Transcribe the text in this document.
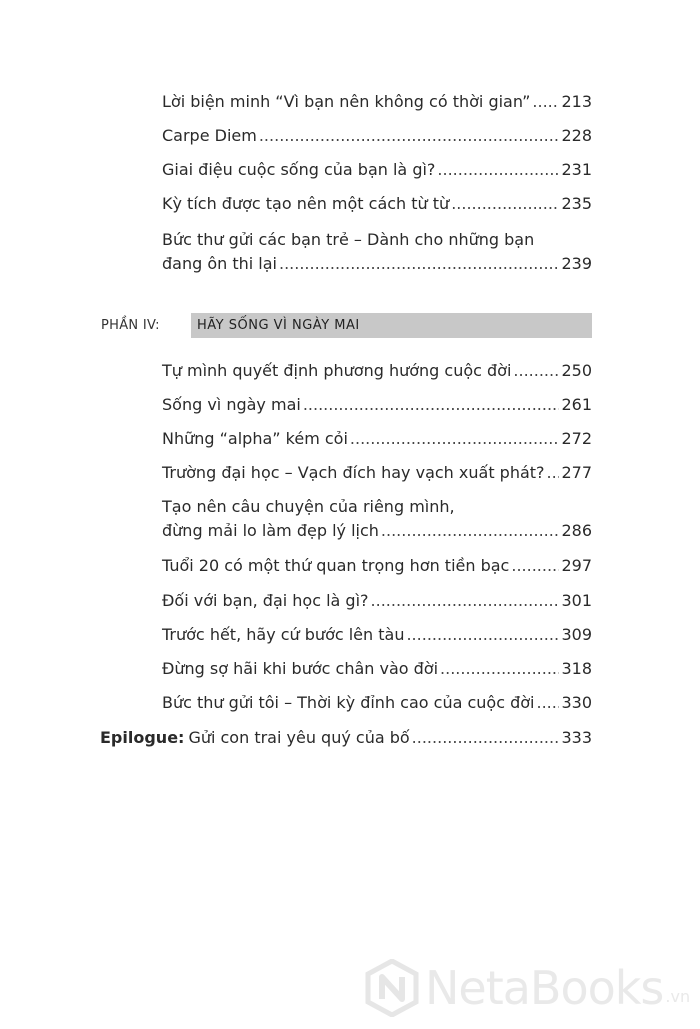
Lời biện minh “Vì bạn nên không có thời gian” ..... 213
Carpe Diem .....	228
Giai điệu cuộc sống của bạn là gì? .....	231
Kỳ tích được tạo nên một cách từ từ .....	235
Bức thư gửi các bạn trẻ – Dành cho những bạn
đang ôn thi lại .....	239
PHẦN IV:	HÃY SỐNG VÌ NGÀY MAI
Tự mình quyết định phương hướng cuộc đời .....	250
Sống vì ngày mai .....	261
Những “alpha” kém cỏi .....	272
Trường đại học – Vạch đích hay vạch xuất phát? ..... 277
Tạo nên câu chuyện của riêng mình,
đừng mải lo làm đẹp lý lịch .....	286
Tuổi 20 có một thứ quan trọng hơn tiền bạc .....	297
Đối với bạn, đại học là gì? .....	301
Trước hết, hãy cứ bước lên tàu .....	309
Đừng sợ hãi khi bước chân vào đời .....	318
Bức thư gửi tôi – Thời kỳ đỉnh cao của cuộc đời ..... 330
Epilogue: Gửi con trai yêu quý của bố .....	333
NetaBooks .vn
